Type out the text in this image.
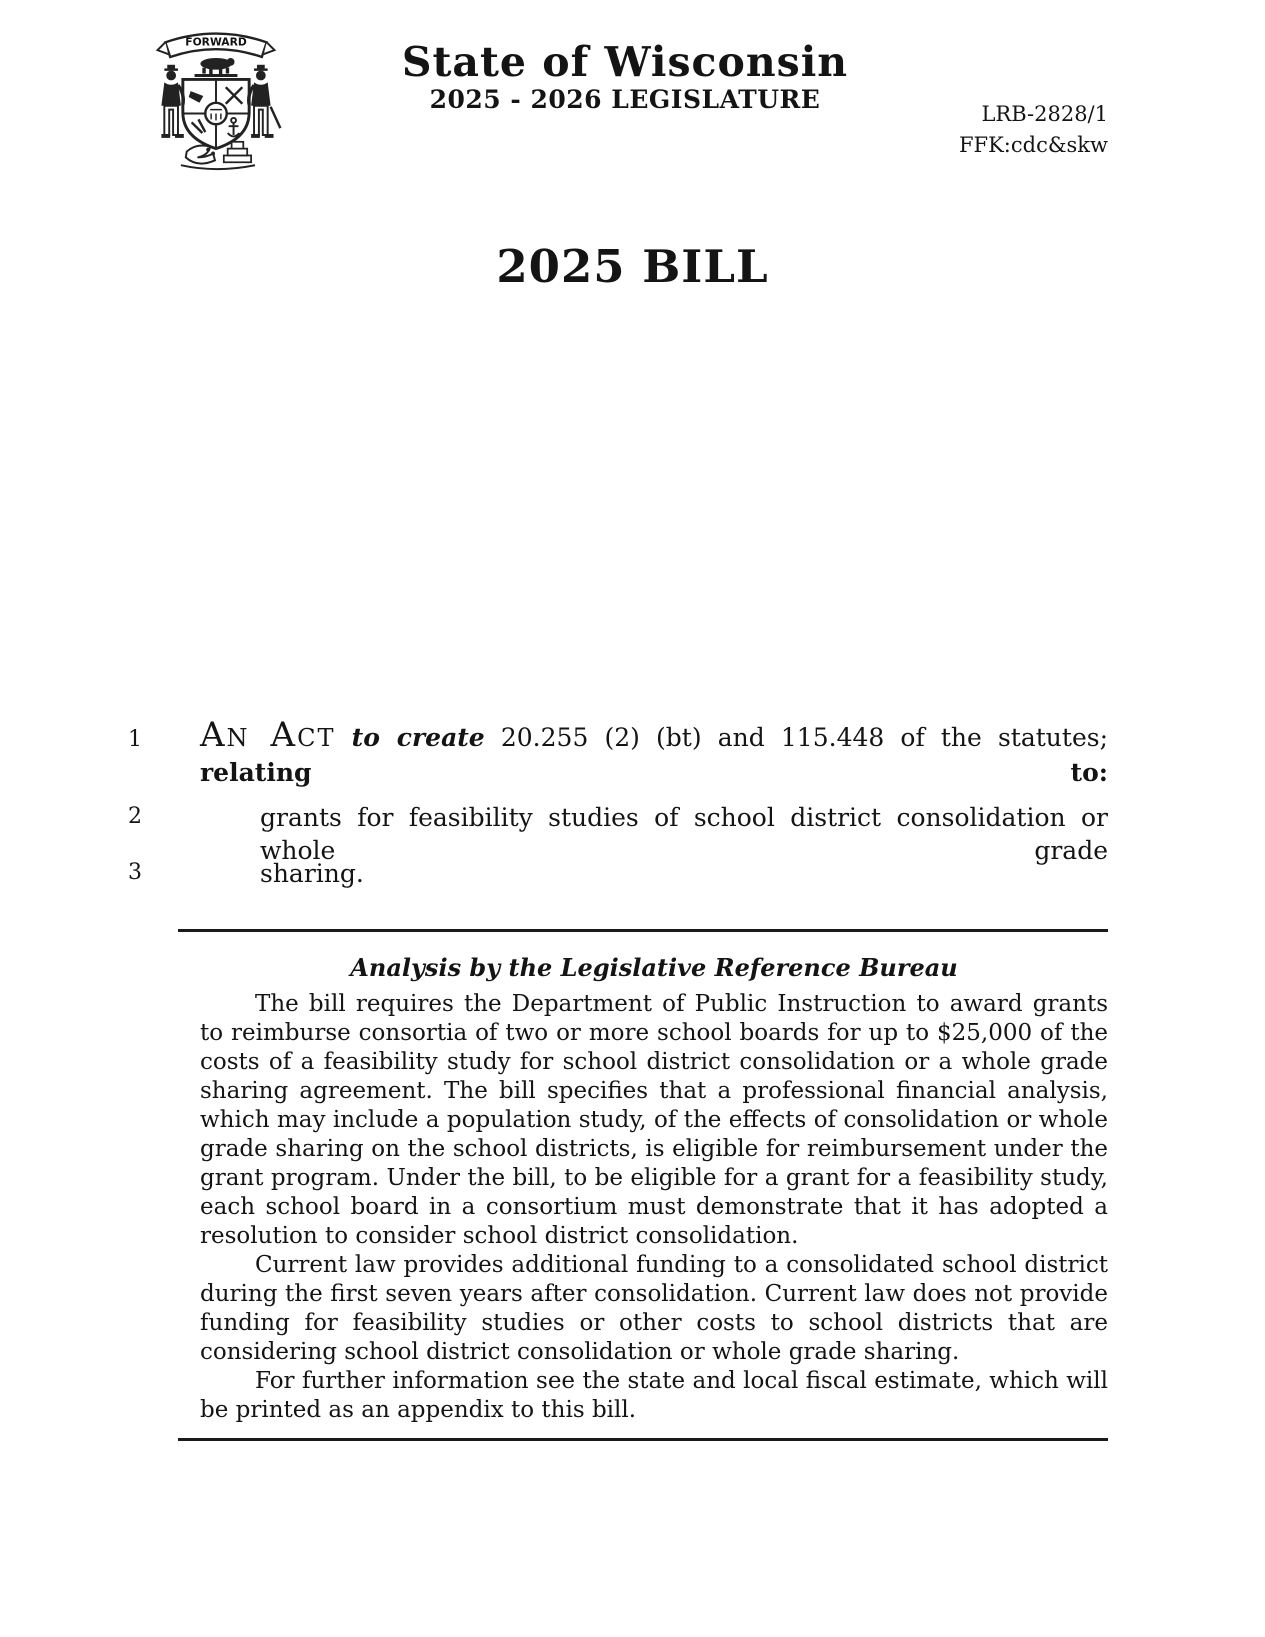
FORWARD	State of Wisconsin
2025 - 2026 LEGISLATURE	LRB-2828/1
FFK:cdc&skw
2025 BILL
1
2
3
An Act to create 20.255 (2) (bt) and 115.448 of the statutes; relating to:
grants for feasibility studies of school district consolidation or whole grade
sharing.
Analysis by the Legislative Reference Bureau

The bill requires the Department of Public Instruction to award grants to reimburse consortia of two or more school boards for up to $25,000 of the costs of a feasibility study for school district consolidation or a whole grade sharing agreement. The bill specifies that a professional financial analysis, which may include a population study, of the effects of consolidation or whole grade sharing on the school districts, is eligible for reimbursement under the grant program. Under the bill, to be eligible for a grant for a feasibility study, each school board in a consortium must demonstrate that it has adopted a resolution to consider school district consolidation.

Current law provides additional funding to a consolidated school district during the first seven years after consolidation. Current law does not provide funding for feasibility studies or other costs to school districts that are considering school district consolidation or whole grade sharing.

For further information see the state and local fiscal estimate, which will be printed as an appendix to this bill.
